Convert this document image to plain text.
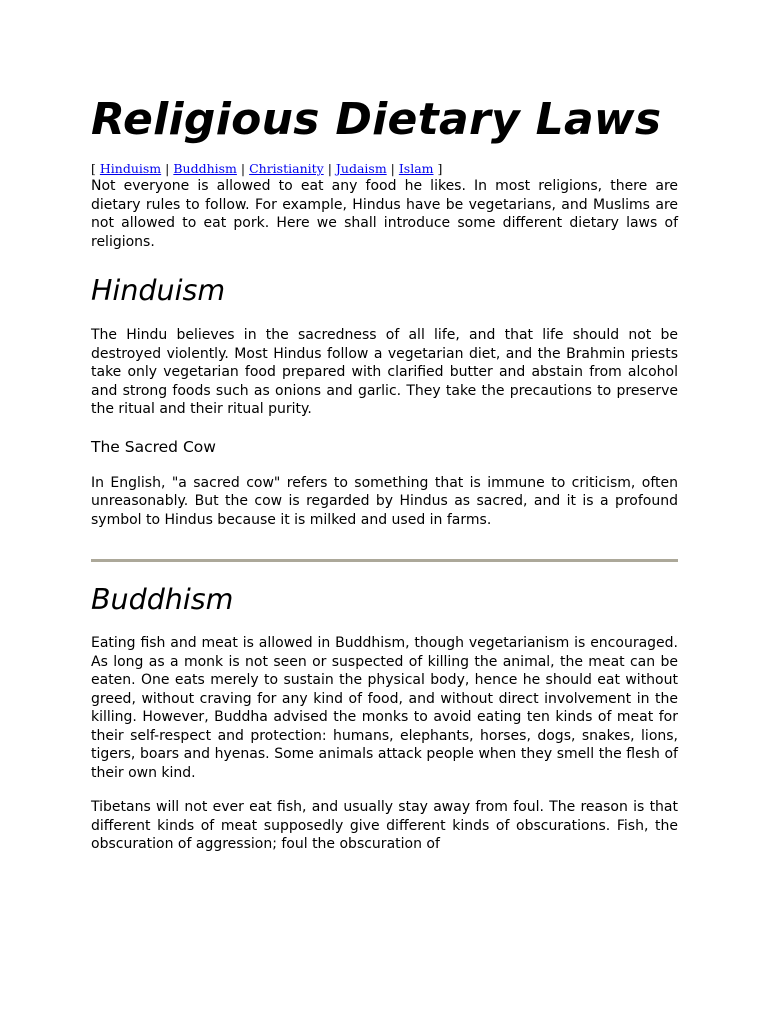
Religious Dietary Laws
[ Hinduism | Buddhism | Christianity | Judaism | Islam ]

Not everyone is allowed to eat any food he likes. In most religions, there are dietary rules to follow. For example, Hindus have be vegetarians, and Muslims are not allowed to eat pork. Here we shall introduce some different dietary laws of religions.

Hinduism

The Hindu believes in the sacredness of all life, and that life should not be destroyed violently. Most Hindus follow a vegetarian diet, and the Brahmin priests take only vegetarian food prepared with clarified butter and abstain from alcohol and strong foods such as onions and garlic. They take the precautions to preserve the ritual and their ritual purity.

The Sacred Cow

In English, "a sacred cow" refers to something that is immune to criticism, often unreasonably. But the cow is regarded by Hindus as sacred, and it is a profound symbol to Hindus because it is milked and used in farms.

Buddhism

Eating fish and meat is allowed in Buddhism, though vegetarianism is encouraged. As long as a monk is not seen or suspected of killing the animal, the meat can be eaten. One eats merely to sustain the physical body, hence he should eat without greed, without craving for any kind of food, and without direct involvement in the killing. However, Buddha advised the monks to avoid eating ten kinds of meat for their self-respect and protection: humans, elephants, horses, dogs, snakes, lions, tigers, boars and hyenas. Some animals attack people when they smell the flesh of their own kind.

Tibetans will not ever eat fish, and usually stay away from foul. The reason is that different kinds of meat supposedly give different kinds of obscurations. Fish, the obscuration of aggression; foul the obscuration of
